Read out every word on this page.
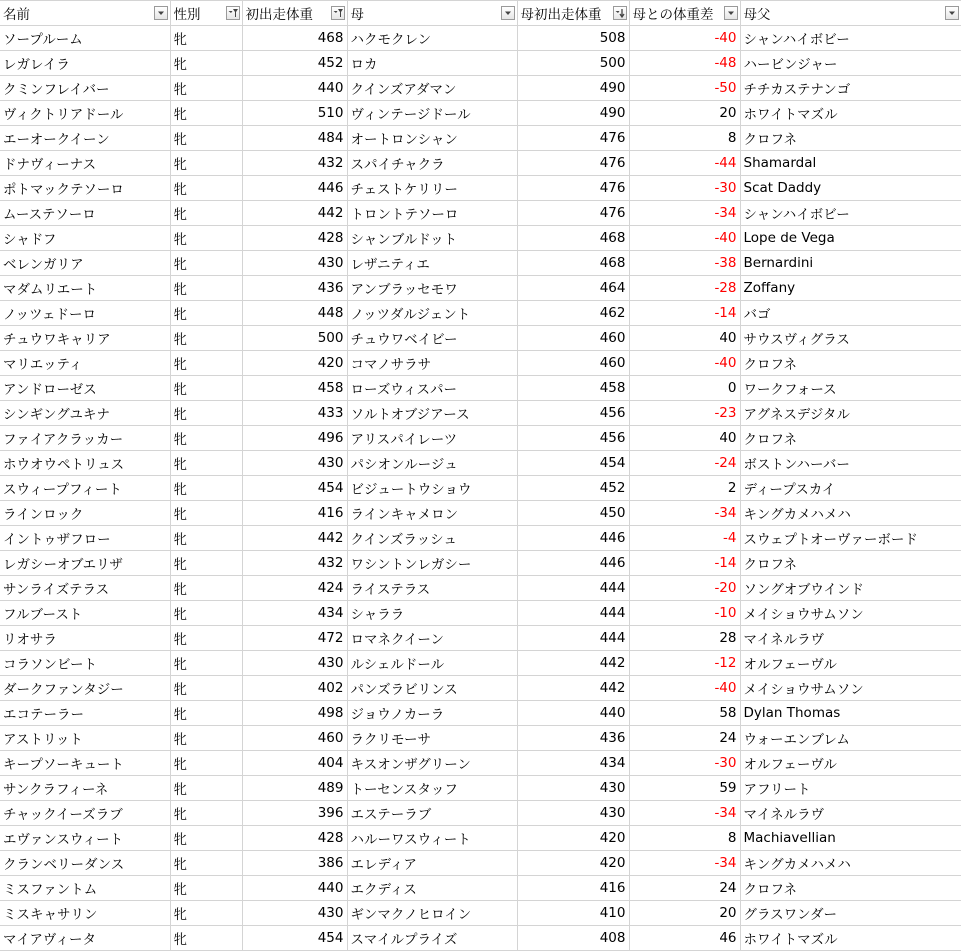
名前	性別	初出走体重	母	母初出走体重	母との体重差	母父

ソープルーム	牝	468	ハクモクレン	508	-40	シャンハイボビー
レガレイラ	牝	452	ロカ	500	-48	ハービンジャー
クミンフレイバー	牝	440	クインズアダマン	490	-50	チチカステナンゴ
ヴィクトリアドール	牝	510	ヴィンテージドール	490	20	ホワイトマズル
エーオークイーン	牝	484	オートロンシャン	476	8	クロフネ
ドナヴィーナス	牝	432	スパイチャクラ	476	-44	Shamardal
ポトマックテソーロ	牝	446	チェストケリリー	476	-30	Scat Daddy
ムーステソーロ	牝	442	トロントテソーロ	476	-34	シャンハイボビー
シャドフ	牝	428	シャンブルドット	468	-40	Lope de Vega
ベレンガリア	牝	430	レザニティエ	468	-38	Bernardini
マダムリエート	牝	436	アンブラッセモワ	464	-28	Zoffany
ノッツェドーロ	牝	448	ノッツダルジェント	462	-14	バゴ
チュウワキャリア	牝	500	チュウワベイビー	460	40	サウスヴィグラス
マリエッティ	牝	420	コマノサラサ	460	-40	クロフネ
アンドローゼス	牝	458	ローズウィスパー	458	0	ワークフォース
シンギングユキナ	牝	433	ソルトオブジアース	456	-23	アグネスデジタル
ファイアクラッカー	牝	496	アリスパイレーツ	456	40	クロフネ
ホウオウペトリュス	牝	430	パシオンルージュ	454	-24	ボストンハーバー
スウィープフィート	牝	454	ビジュートウショウ	452	2	ディープスカイ
ラインロック	牝	416	ラインキャメロン	450	-34	キングカメハメハ
イントゥザフロー	牝	442	クインズラッシュ	446	-4	スウェプトオーヴァーボード
レガシーオブエリザ	牝	432	ワシントンレガシー	446	-14	クロフネ
サンライズテラス	牝	424	ライステラス	444	-20	ソングオブウインド
フルブースト	牝	434	シャララ	444	-10	メイショウサムソン
リオサラ	牝	472	ロマネクイーン	444	28	マイネルラヴ
コラソンビート	牝	430	ルシェルドール	442	-12	オルフェーヴル
ダークファンタジー	牝	402	パンズラビリンス	442	-40	メイショウサムソン
エコテーラー	牝	498	ジョウノカーラ	440	58	Dylan Thomas
アストリット	牝	460	ラクリモーサ	436	24	ウォーエンブレム
キープソーキュート	牝	404	キスオンザグリーン	434	-30	オルフェーヴル
サンクラフィーネ	牝	489	トーセンスタッフ	430	59	アフリート
チャックイーズラブ	牝	396	エステーラブ	430	-34	マイネルラヴ
エヴァンスウィート	牝	428	ハルーワスウィート	420	8	Machiavellian
クランベリーダンス	牝	386	エレディア	420	-34	キングカメハメハ
ミスファントム	牝	440	エクディス	416	24	クロフネ
ミスキャサリン	牝	430	ギンマクノヒロイン	410	20	グラスワンダー
マイアヴィータ	牝	454	スマイルプライズ	408	46	ホワイトマズル
